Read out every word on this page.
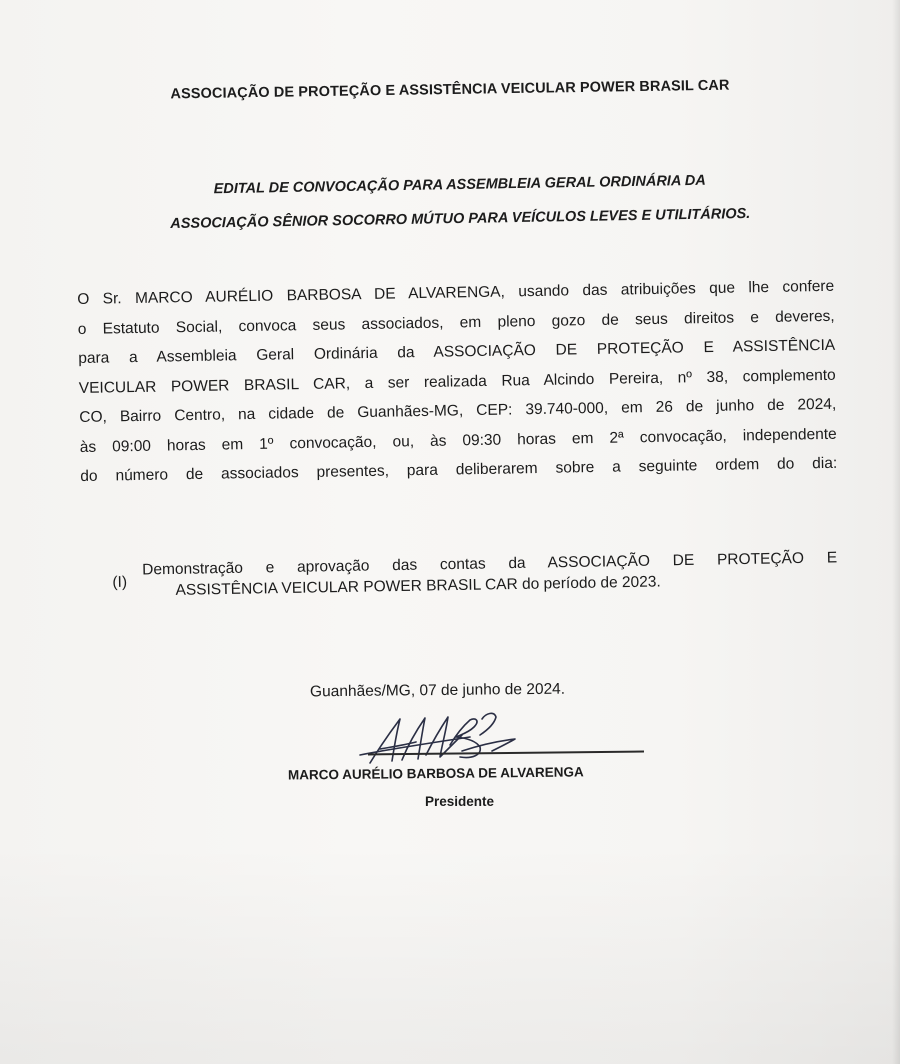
ASSOCIAÇÃO DE PROTEÇÃO E ASSISTÊNCIA VEICULAR POWER BRASIL CAR
EDITAL DE CONVOCAÇÃO PARA ASSEMBLEIA GERAL ORDINÁRIA DA
ASSOCIAÇÃO SÊNIOR SOCORRO MÚTUO PARA VEÍCULOS LEVES E UTILITÁRIOS.
O Sr. MARCO AURÉLIO BARBOSA DE ALVARENGA, usando das atribuições que lhe confere
o Estatuto Social, convoca seus associados, em pleno gozo de seus direitos e deveres,
para a Assembleia Geral Ordinária da ASSOCIAÇÃO DE PROTEÇÃO E ASSISTÊNCIA
VEICULAR POWER BRASIL CAR, a ser realizada Rua Alcindo Pereira, nº 38, complemento
CO, Bairro Centro, na cidade de Guanhães-MG, CEP: 39.740-000, em 26 de junho de 2024,
às 09:00 horas em 1º convocação, ou, às 09:30 horas em 2ª convocação, independente
do número de associados presentes, para deliberarem sobre a seguinte ordem do dia:
(I)
Demonstração e aprovação das contas da ASSOCIAÇÃO DE PROTEÇÃO E
ASSISTÊNCIA VEICULAR POWER BRASIL CAR do período de 2023.
Guanhães/MG, 07 de junho de 2024.
MARCO AURÉLIO BARBOSA DE ALVARENGA
Presidente
